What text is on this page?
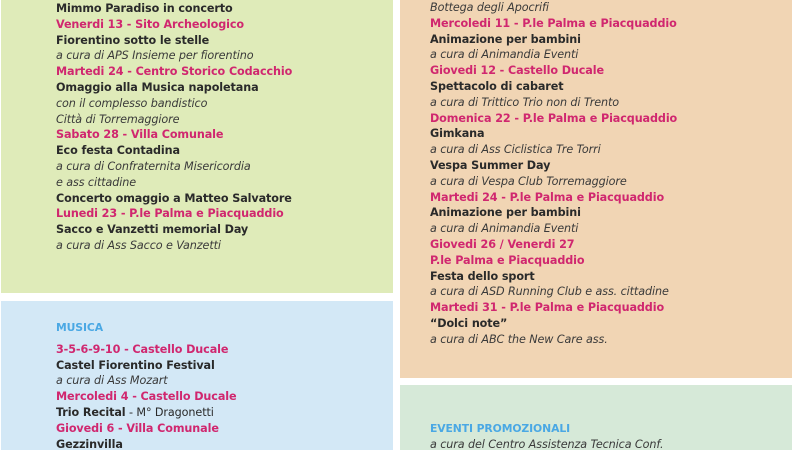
Mimmo Paradiso in concerto
Venerdi 13 - Sito Archeologico
Fiorentino sotto le stelle
a cura di APS Insieme per fiorentino
Martedi 24 - Centro Storico Codacchio
Omaggio alla Musica napoletana
con il complesso bandistico
Città di Torremaggiore
Sabato 28 - Villa Comunale
Eco festa Contadina
a cura di Confraternita Misericordia
e ass cittadine
Concerto omaggio a Matteo Salvatore
Lunedi 23 - P.le Palma e Piacquaddio
Sacco e Vanzetti memorial Day
a cura di Ass Sacco e Vanzetti
MUSICA
3-5-6-9-10 - Castello Ducale
Castel Fiorentino Festival
a cura di Ass Mozart
Mercoledi 4 - Castello Ducale
Trio Recital - M° Dragonetti
Giovedi 6 - Villa Comunale
Gezzinvilla
Bottega degli Apocrifi
Mercoledi 11 - P.le Palma e Piacquaddio
Animazione per bambini
a cura di Animandia Eventi
Giovedi 12 - Castello Ducale
Spettacolo di cabaret
a cura di Trittico Trio non di Trento
Domenica 22 - P.le Palma e Piacquaddio
Gimkana
a cura di Ass Ciclistica Tre Torri
Vespa Summer Day
a cura di Vespa Club Torremaggiore
Martedi 24 - P.le Palma e Piacquaddio
Animazione per bambini
a cura di Animandia Eventi
Giovedi 26 / Venerdi 27
P.le Palma e Piacquaddio
Festa dello sport
a cura di ASD Running Club e ass. cittadine
Martedi 31 - P.le Palma e Piacquaddio
“Dolci note”
a cura di ABC the New Care ass.
EVENTI PROMOZIONALI
a cura del Centro Assistenza Tecnica Conf.
